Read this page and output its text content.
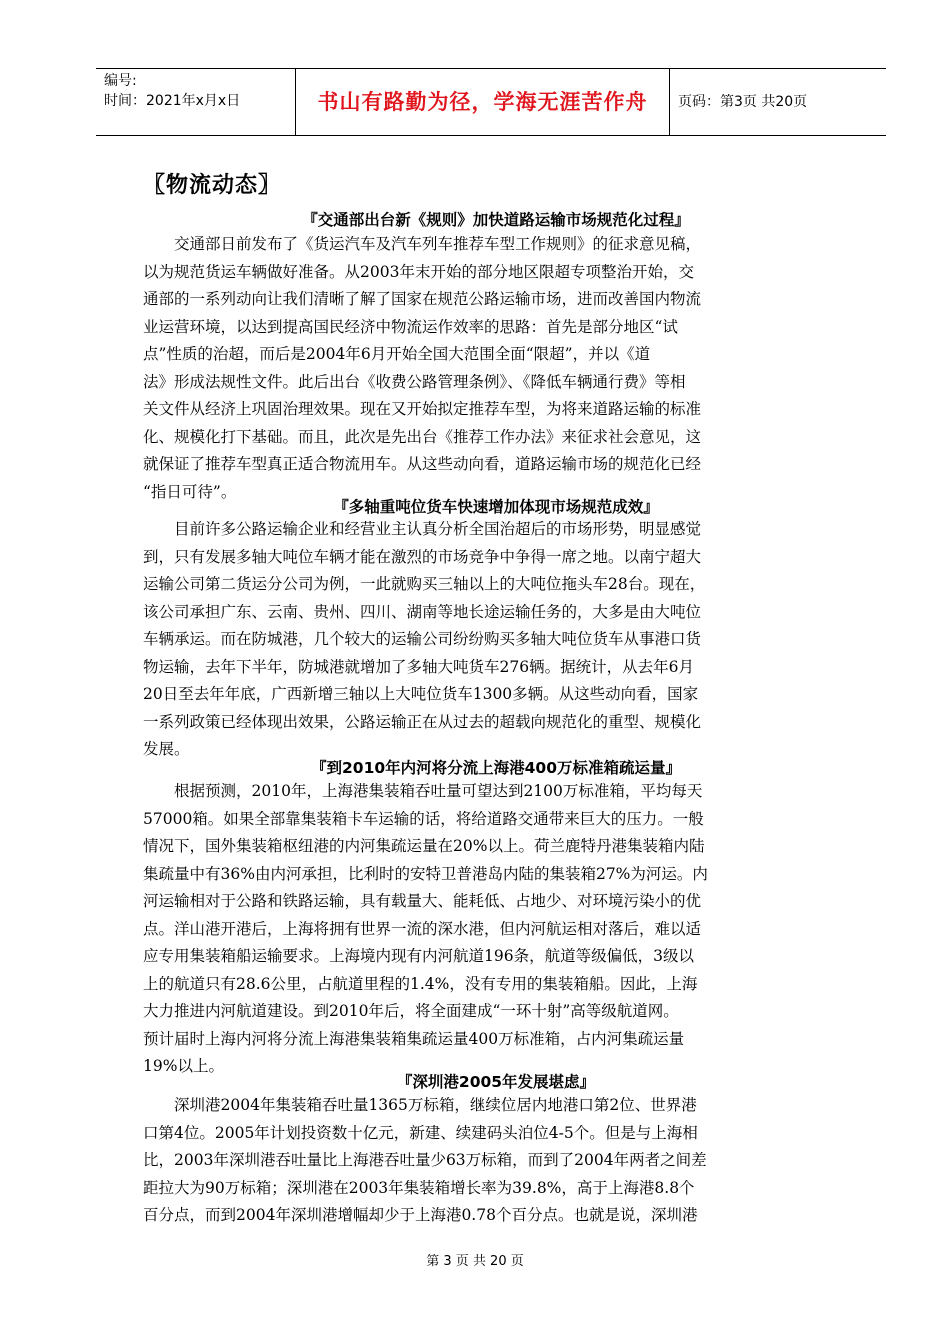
编号:
时间：2021年x月x日	书山有路勤为径，学海无涯苦作舟	页码：第3页 共20页
〖物流动态〗
『交通部出台新《规则》加快道路运输市场规范化过程』
　　交通部日前发布了《货运汽车及汽车列车推荐车型工作规则》的征求意见稿，
以为规范货运车辆做好准备。从2003年末开始的部分地区限超专项整治开始，交
通部的一系列动向让我们清晰了解了国家在规范公路运输市场，进而改善国内物流
业运营环境，以达到提高国民经济中物流运作效率的思路：首先是部分地区“试
点”性质的治超，而后是2004年6月开始全国大范围全面“限超”，并以《道
法》形成法规性文件。此后出台《收费公路管理条例》、《降低车辆通行费》等相
关文件从经济上巩固治理效果。现在又开始拟定推荐车型，为将来道路运输的标准
化、规模化打下基础。而且，此次是先出台《推荐工作办法》来征求社会意见，这
就保证了推荐车型真正适合物流用车。从这些动向看，道路运输市场的规范化已经
“指日可待”。
『多轴重吨位货车快速增加体现市场规范成效』
　　目前许多公路运输企业和经营业主认真分析全国治超后的市场形势，明显感觉
到，只有发展多轴大吨位车辆才能在激烈的市场竞争中争得一席之地。以南宁超大
运输公司第二货运分公司为例，一此就购买三轴以上的大吨位拖头车28台。现在，
该公司承担广东、云南、贵州、四川、湖南等地长途运输任务的，大多是由大吨位
车辆承运。而在防城港，几个较大的运输公司纷纷购买多轴大吨位货车从事港口货
物运输，去年下半年，防城港就增加了多轴大吨货车276辆。据统计，从去年6月
20日至去年年底，广西新增三轴以上大吨位货车1300多辆。从这些动向看，国家
一系列政策已经体现出效果，公路运输正在从过去的超载向规范化的重型、规模化
发展。
『到2010年内河将分流上海港400万标准箱疏运量』
　　根据预测，2010年，上海港集装箱吞吐量可望达到2100万标准箱，平均每天
57000箱。如果全部靠集装箱卡车运输的话，将给道路交通带来巨大的压力。一般
情况下，国外集装箱枢纽港的内河集疏运量在20%以上。荷兰鹿特丹港集装箱内陆
集疏量中有36%由内河承担，比利时的安特卫普港岛内陆的集装箱27%为河运。内
河运输相对于公路和铁路运输，具有载量大、能耗低、占地少、对环境污染小的优
点。洋山港开港后，上海将拥有世界一流的深水港，但内河航运相对落后，难以适
应专用集装箱船运输要求。上海境内现有内河航道196条，航道等级偏低，3级以
上的航道只有28.6公里，占航道里程的1.4%，没有专用的集装箱船。因此，上海
大力推进内河航道建设。到2010年后，将全面建成“一环十射”高等级航道网。
预计届时上海内河将分流上海港集装箱集疏运量400万标准箱，占内河集疏运量
19%以上。
『深圳港2005年发展堪虑』
　　深圳港2004年集装箱吞吐量1365万标箱，继续位居内地港口第2位、世界港
口第4位。2005年计划投资数十亿元，新建、续建码头泊位4-5个。但是与上海相
比，2003年深圳港吞吐量比上海港吞吐量少63万标箱，而到了2004年两者之间差
距拉大为90万标箱；深圳港在2003年集装箱增长率为39.8%，高于上海港8.8个
百分点，而到2004年深圳港增幅却少于上海港0.78个百分点。也就是说，深圳港
第 3 页 共 20 页
